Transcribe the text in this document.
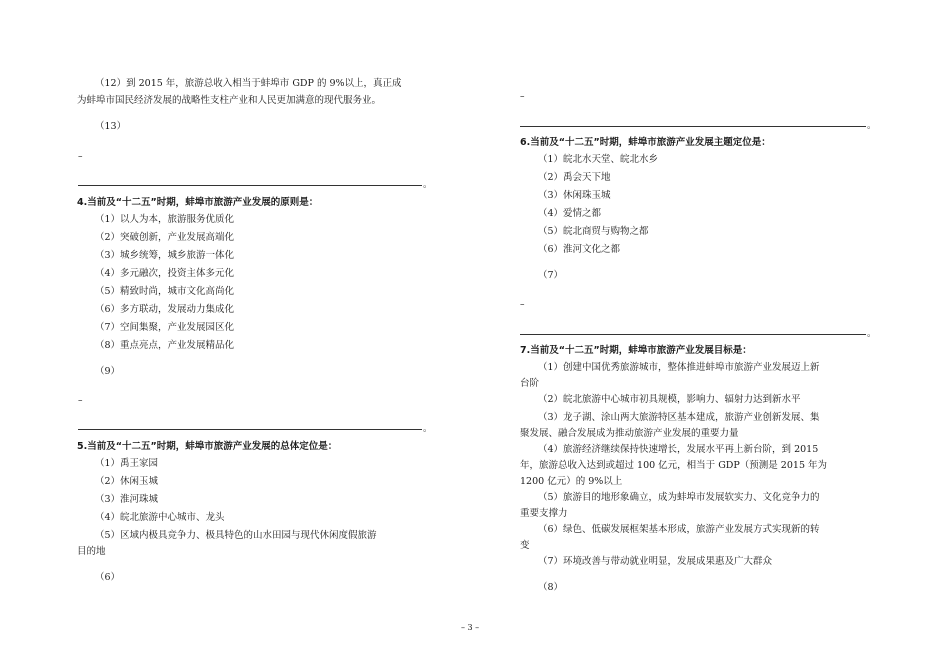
（12）到 2015 年，旅游总收入相当于蚌埠市 GDP 的 9%以上，真正成
为蚌埠市国民经济发展的战略性支柱产业和人民更加满意的现代服务业。
（13）
–
。
4.当前及“十二五”时期，蚌埠市旅游产业发展的原则是：
（1）以人为本，旅游服务优质化
（2）突破创新，产业发展高端化
（3）城乡统筹，城乡旅游一体化
（4）多元融次，投资主体多元化
（5）精致时尚，城市文化高尚化
（6）多方联动，发展动力集成化
（7）空间集聚，产业发展园区化
（8）重点亮点，产业发展精品化
（9）
–
。
5.当前及“十二五”时期，蚌埠市旅游产业发展的总体定位是：
（1）禹王家园
（2）休闲玉城
（3）淮河珠城
（4）皖北旅游中心城市、龙头
（5）区域内极具竞争力、极具特色的山水田园与现代休闲度假旅游
目的地
（6）
–
。
6.当前及“十二五”时期，蚌埠市旅游产业发展主题定位是：
（1）皖北水天堂、皖北水乡
（2）禹会天下地
（3）休闲珠玉城
（4）爱情之都
（5）皖北商贸与购物之都
（6）淮河文化之都
（7）
–
。
7.当前及“十二五”时期，蚌埠市旅游产业发展目标是：
（1）创建中国优秀旅游城市，整体推进蚌埠市旅游产业发展迈上新
台阶
（2）皖北旅游中心城市初具规模，影响力、辐射力达到新水平
（3）龙子湖、涂山两大旅游特区基本建成，旅游产业创新发展、集
聚发展、融合发展成为推动旅游产业发展的重要力量
（4）旅游经济继续保持快速增长，发展水平再上新台阶，到 2015
年，旅游总收入达到或超过 100 亿元，相当于 GDP（预测是 2015 年为
1200 亿元）的 9%以上
（5）旅游目的地形象确立，成为蚌埠市发展软实力、文化竞争力的
重要支撑力
（6）绿色、低碳发展框架基本形成，旅游产业发展方式实现新的转
变
（7）环境改善与带动就业明显，发展成果惠及广大群众
（8）
– 3 –
